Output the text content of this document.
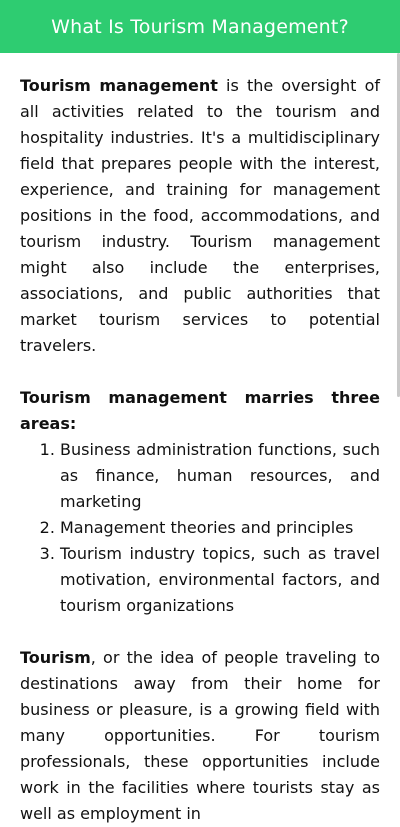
What Is Tourism Management?

Tourism management is the oversight of all activities related to the tourism and hospitality industries. It's a multidisciplinary field that prepares people with the interest, experience, and training for management positions in the food, accommodations, and tourism industry. Tourism management might also include the enterprises, associations, and public authorities that market tourism services to potential travelers.

Tourism management marries three areas:

1. Business administration functions, such as finance, human resources, and marketing
2. Management theories and principles
3. Tourism industry topics, such as travel motivation, environmental factors, and tourism organizations

Tourism, or the idea of people traveling to destinations away from their home for business or pleasure, is a growing field with many opportunities. For tourism professionals, these opportunities include work in the facilities where tourists stay as well as employment in
